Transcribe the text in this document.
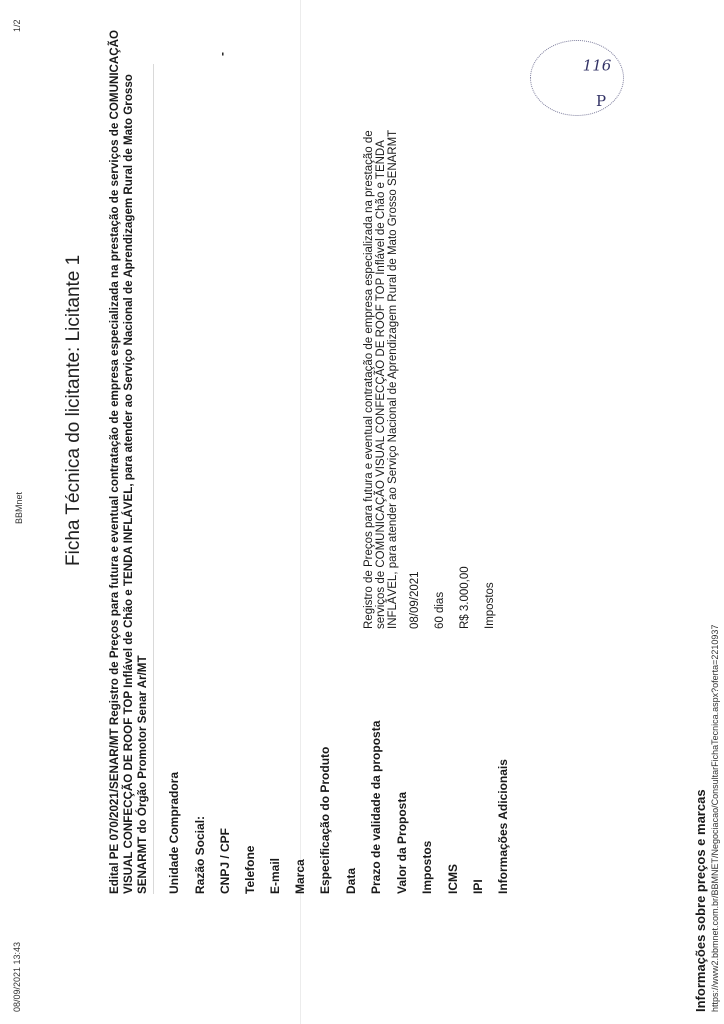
08/09/2021 13:43
BBMnet
1/2
Ficha Técnica do licitante: Licitante 1 Edital PE 070/2021/SENAR/MT Registro de Preços para futura e eventual contratação de empresa especializada na prestação de serviços de COMUNICAÇÃO VISUAL CONFECÇÃO DE ROOF TOP Inflável de Chão e TENDA INFLÁVEL, para atender ao Serviço Nacional de Aprendizagem Rural de Mato Grosso SENARMT do Órgão Promotor Senar Ar/MT
-
Unidade Compradora Razão Social: CNPJ / CPF Telefone E-mail Marca Especificação do Produto Data Prazo de validade da proposta Valor da Proposta Impostos ICMS IPI Informações Adicionais
Registro de Preços para futura e eventual contratação de empresa especializada na prestação de serviços de COMUNICAÇÃO VISUAL CONFECÇÃO DE ROOF TOP Inflável de Chão e TENDA INFLÁVEL, para atender ao Serviço Nacional de Aprendizagem Rural de Mato Grosso SENARMT 08/09/2021 60 dias R$ 3.000,00 Impostos
Informações sobre preços e marcas https://www2.bbmnet.com.br/BBMNET/Negociacao/ConsultarFichaTecnica.aspx?oferta=2210937
116
P
